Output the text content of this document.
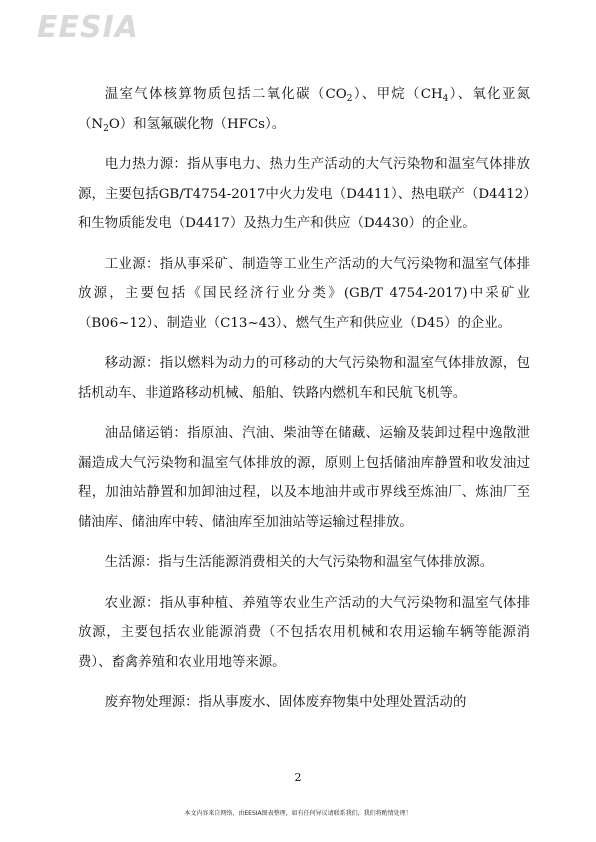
EESIA

温室气体核算物质包括二氧化碳$(CO_2)$、甲烷$(CH_4)$、氧化亚氮$(N_2O)$和氢氟碳化物（HFCs）。

电力热力源：指从事电力、热力生产活动的大气污染物和温室气体排放源，主要包括GB/T4754-2017中火力发电（D4411）、热电联产（D4412）和生物质能发电（D4417）及热力生产和供应（D4430）的企业。

工业源：指从事采矿、制造等工业生产活动的大气污染物和温室气体排放源，主要包括《国民经济行业分类》(GB/T 4754-2017)中采矿业（B06~12）、制造业（C13~43）、燃气生产和供应业（D45）的企业。

移动源：指以燃料为动力的可移动的大气污染物和温室气体排放源，包括机动车、非道路移动机械、船舶、铁路内燃机车和民航飞机等。

油品储运销：指原油、汽油、柴油等在储藏、运输及装卸过程中逸散泄漏造成大气污染物和温室气体排放的源，原则上包括储油库静置和收发油过程，加油站静置和加卸油过程，以及本地油井或市界线至炼油厂、炼油厂至储油库、储油库中转、储油库至加油站等运输过程排放。

生活源：指与生活能源消费相关的大气污染物和温室气体排放源。

农业源：指从事种植、养殖等农业生产活动的大气污染物和温室气体排放源，主要包括农业能源消费（不包括农用机械和农用运输车辆等能源消费）、畜禽养殖和农业用地等来源。

废弃物处理源：指从事废水、固体废弃物集中处理处置活动的

2
本文内容来自网络，由EESIA图表整理，如有任何异议请联系我们，我们将酌情处理！
